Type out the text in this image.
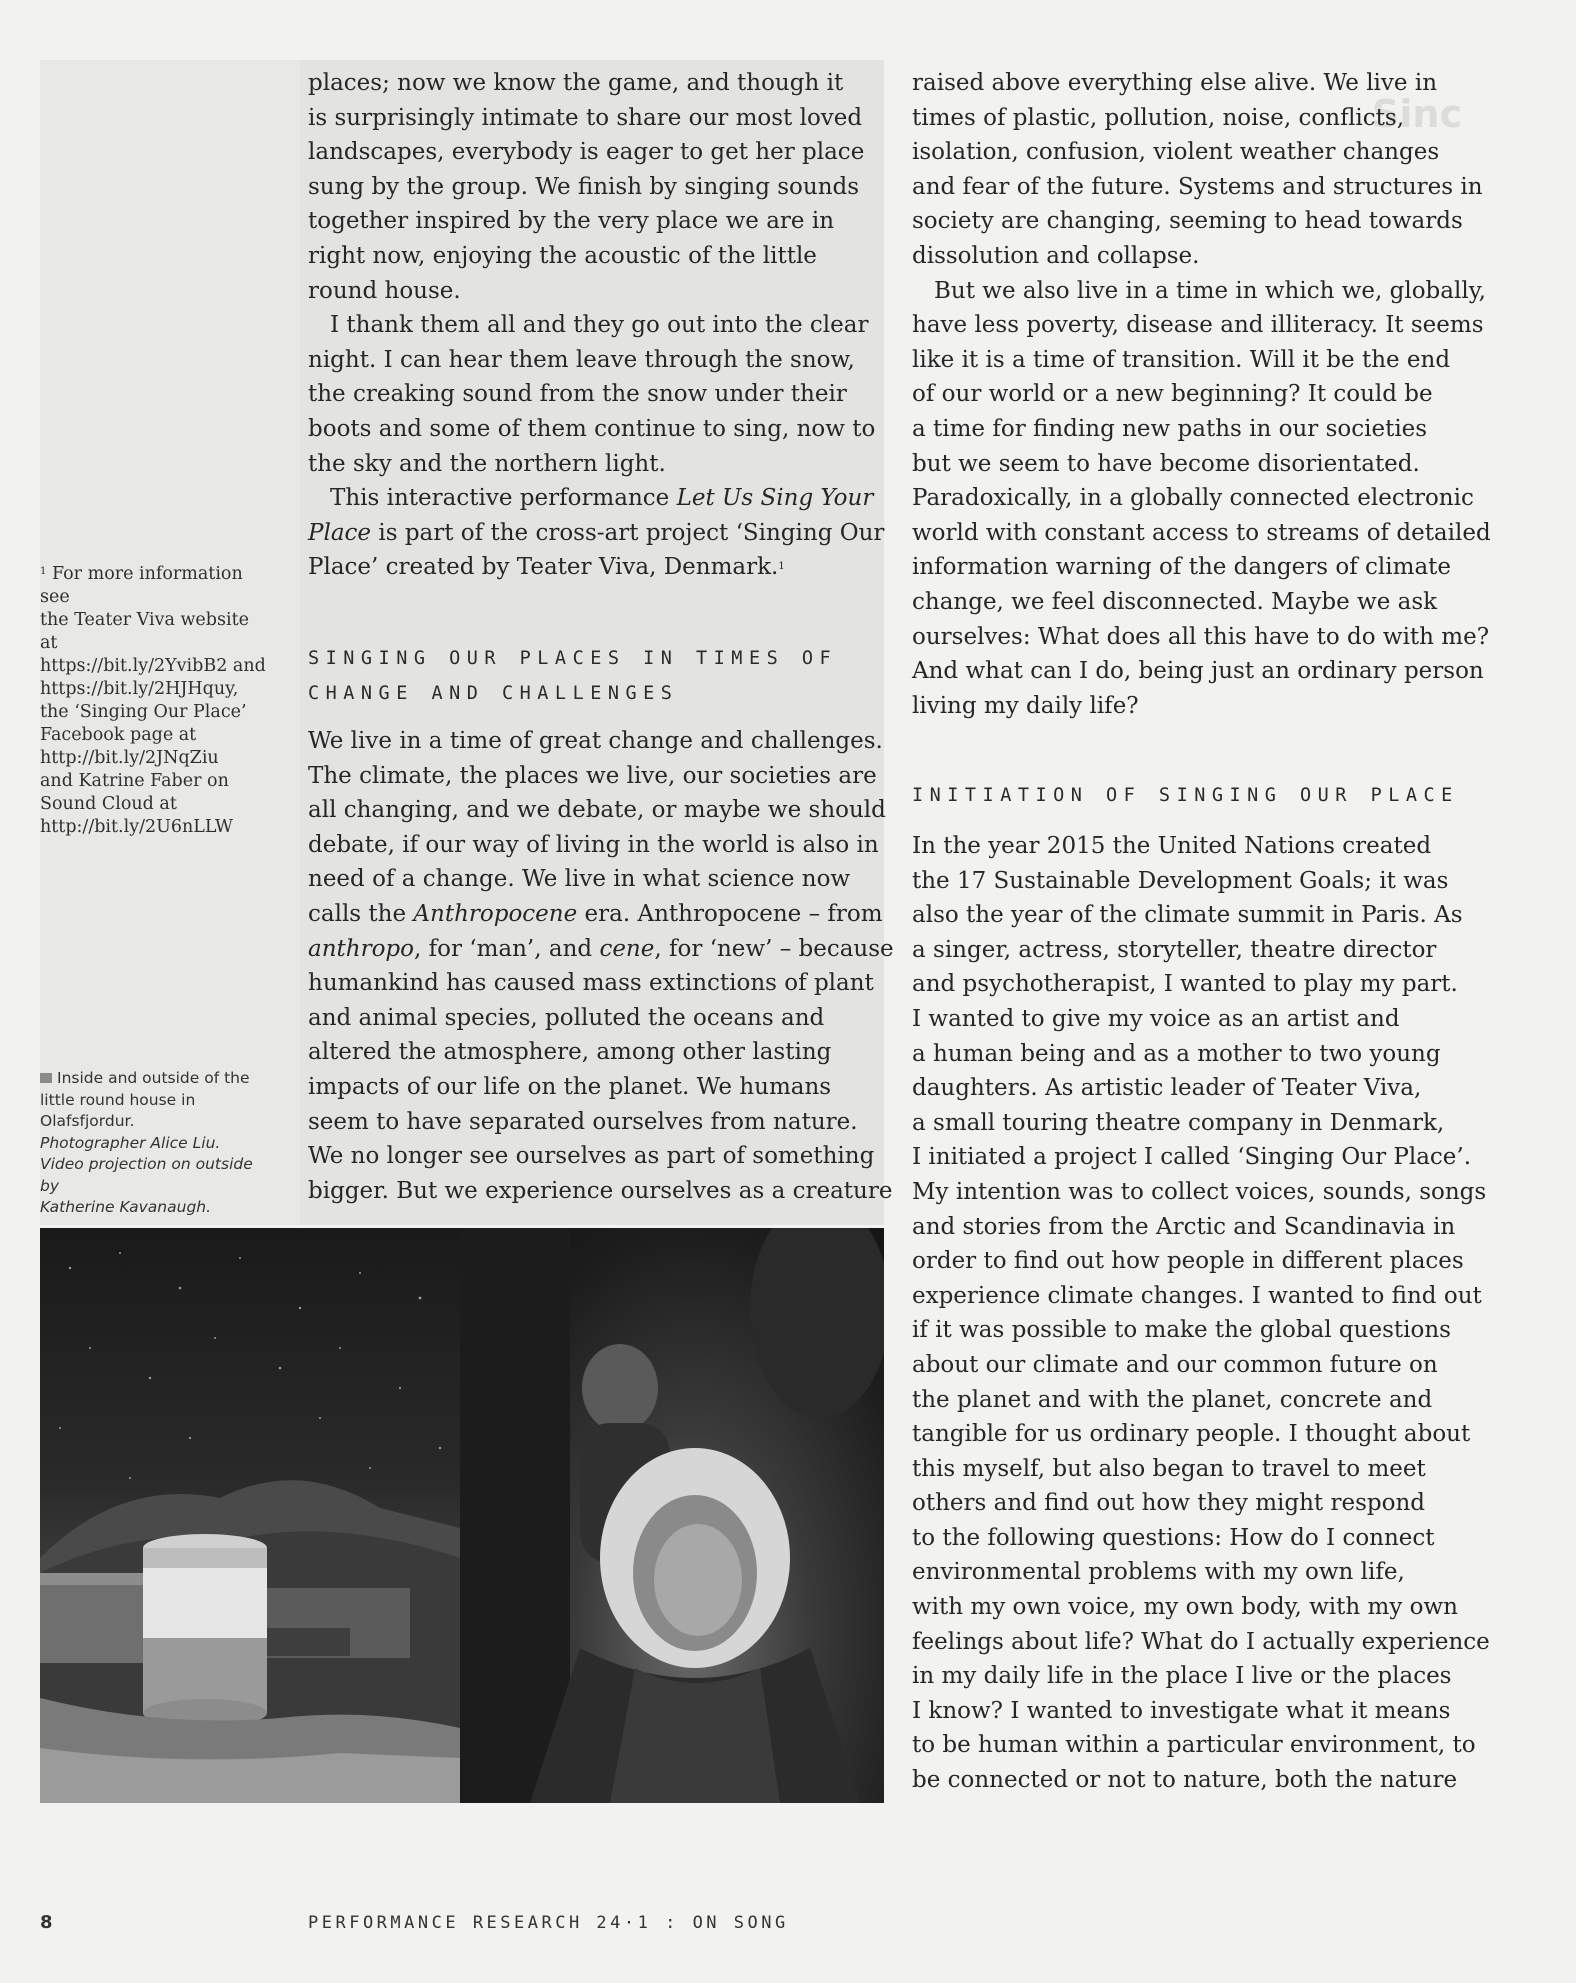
Sinc
$^1$ For more information see
the Teater Viva website at
https://bit.ly/2YvibB2 and
https://bit.ly/2HJHquy,
the ‘Singing Our Place’
Facebook page at
http://bit.ly/2JNqZiu
and Katrine Faber on
Sound Cloud at
http://bit.ly/2U6nLLW
Inside and outside of the
little round house in
Olafsfjordur.
Photographer Alice Liu.
Video projection on outside by
Katherine Kavanaugh.

places; now we know the game, and though it

is surprisingly intimate to share our most loved

landscapes, everybody is eager to get her place

sung by the group. We finish by singing sounds

together inspired by the very place we are in

right now, enjoying the acoustic of the little

round house.

I thank them all and they go out into the clear

night. I can hear them leave through the snow,

the creaking sound from the snow under their

boots and some of them continue to sing, now to

the sky and the northern light.

This interactive performance Let Us Sing Your

Place is part of the cross-art project ‘Singing Our

Place’ created by Teater Viva, Denmark.$^1$

SINGING OUR PLACES IN TIMES OF
CHANGE AND CHALLENGES

We live in a time of great change and challenges.

The climate, the places we live, our societies are

all changing, and we debate, or maybe we should

debate, if our way of living in the world is also in

need of a change. We live in what science now

calls the Anthropocene era. Anthropocene – from

anthropo, for ‘man’, and cene, for ‘new’ – because

humankind has caused mass extinctions of plant

and animal species, polluted the oceans and

altered the atmosphere, among other lasting

impacts of our life on the planet. We humans

seem to have separated ourselves from nature.

We no longer see ourselves as part of something

bigger. But we experience ourselves as a creature

raised above everything else alive. We live in

times of plastic, pollution, noise, conflicts,

isolation, confusion, violent weather changes

and fear of the future. Systems and structures in

society are changing, seeming to head towards

dissolution and collapse.

But we also live in a time in which we, globally,

have less poverty, disease and illiteracy. It seems

like it is a time of transition. Will it be the end

of our world or a new beginning? It could be

a time for finding new paths in our societies

but we seem to have become disorientated.

Paradoxically, in a globally connected electronic

world with constant access to streams of detailed

information warning of the dangers of climate

change, we feel disconnected. Maybe we ask

ourselves: What does all this have to do with me?

And what can I do, being just an ordinary person

living my daily life?

INITIATION OF SINGING OUR PLACE

In the year 2015 the United Nations created

the 17 Sustainable Development Goals; it was

also the year of the climate summit in Paris. As

a singer, actress, storyteller, theatre director

and psychotherapist, I wanted to play my part.

I wanted to give my voice as an artist and

a human being and as a mother to two young

daughters. As artistic leader of Teater Viva,

a small touring theatre company in Denmark,

I initiated a project I called ‘Singing Our Place’.

My intention was to collect voices, sounds, songs

and stories from the Arctic and Scandinavia in

order to find out how people in different places

experience climate changes. I wanted to find out

if it was possible to make the global questions

about our climate and our common future on

the planet and with the planet, concrete and

tangible for us ordinary people. I thought about

this myself, but also began to travel to meet

others and find out how they might respond

to the following questions: How do I connect

environmental problems with my own life,

with my own voice, my own body, with my own

feelings about life? What do I actually experience

in my daily life in the place I live or the places

I know? I wanted to investigate what it means

to be human within a particular environment, to

be connected or not to nature, both the nature

8	PERFORMANCE RESEARCH 24·1 : ON SONG
